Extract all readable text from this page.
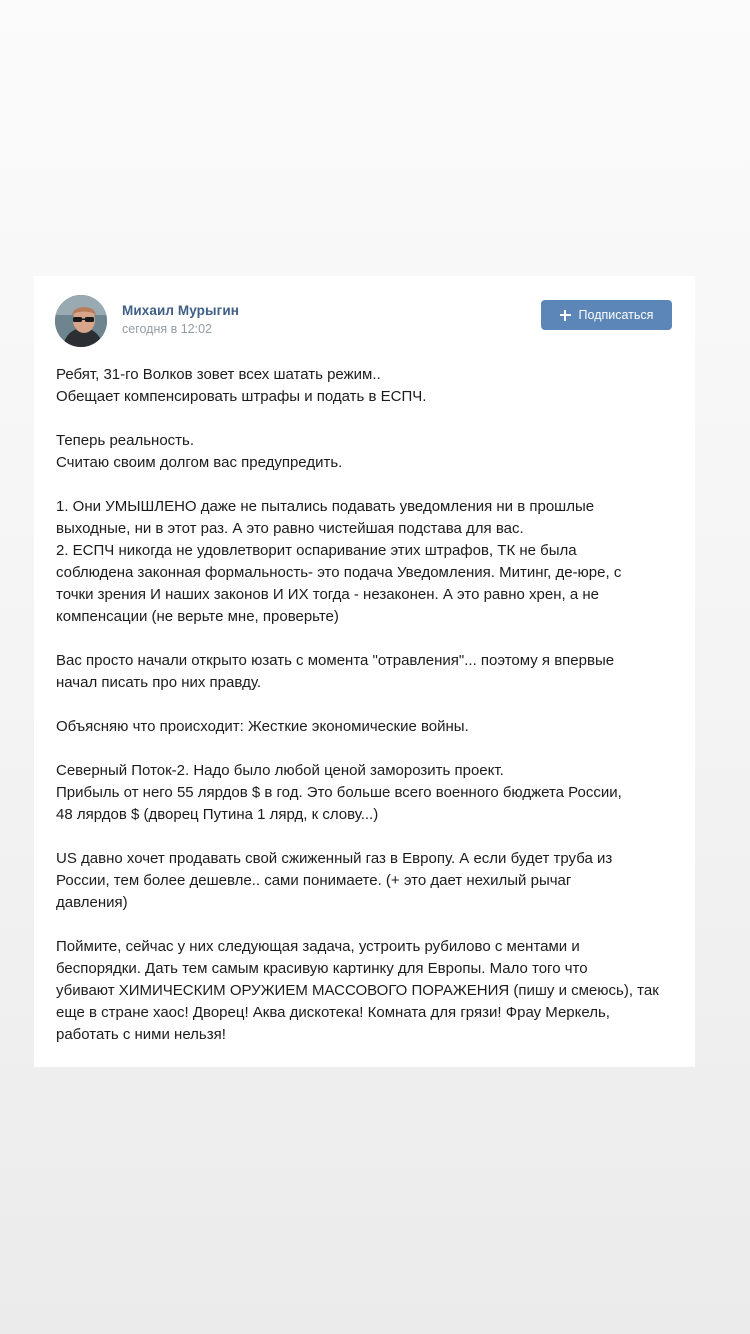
Михаил Мурыгин
сегодня в 12:02
Подписаться
Ребят, 31-го Волков зовет всех шатать режим..
Обещает компенсировать штрафы и подать в ЕСПЧ.
Теперь реальность.
Считаю своим долгом вас предупредить.
1. Они УМЫШЛЕНО даже не пытались подавать уведомления ни в прошлые
выходные, ни в этот раз. А это равно чистейшая подстава для вас.
2. ЕСПЧ никогда не удовлетворит оспаривание этих штрафов, ТК не была
соблюдена законная формальность- это подача Уведомления. Митинг, де-юре, с
точки зрения И наших законов И ИХ тогда - незаконен. А это равно хрен, а не
компенсации (не верьте мне, проверьте)
Вас просто начали открыто юзать с момента "отравления"... поэтому я впервые
начал писать про них правду.
Объясняю что происходит: Жесткие экономические войны.
Северный Поток-2. Надо было любой ценой заморозить проект.
Прибыль от него 55 лярдов $ в год. Это больше всего военного бюджета России,
48 лярдов $ (дворец Путина 1 лярд, к слову...)
US давно хочет продавать свой сжиженный газ в Европу. А если будет труба из
России, тем более дешевле.. сами понимаете. (+ это дает нехилый рычаг
давления)
Поймите, сейчас у них следующая задача, устроить рубилово с ментами и
беспорядки. Дать тем самым красивую картинку для Европы. Мало того что
убивают ХИМИЧЕСКИМ ОРУЖИЕМ МАССОВОГО ПОРАЖЕНИЯ (пишу и смеюсь), так
еще в стране хаос! Дворец! Аква дискотека! Комната для грязи! Фрау Меркель,
работать с ними нельзя!
